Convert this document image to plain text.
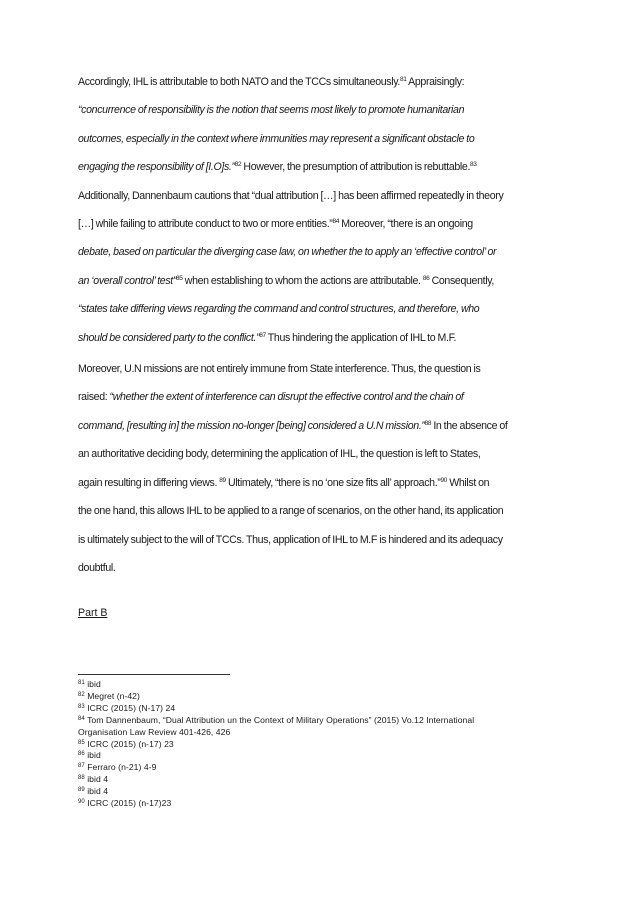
Accordingly, IHL is attributable to both NATO and the TCCs simultaneously.$^{81}$ Appraisingly:

“concurrence of responsibility is the notion that seems most likely to promote humanitarian

outcomes, especially in the context where immunities may represent a significant obstacle to

engaging the responsibility of [I.O]s.”$^{82}$ However, the presumption of attribution is rebuttable.$^{83}$

Additionally, Dannenbaum cautions that “dual attribution […] has been affirmed repeatedly in theory

[…] while failing to attribute conduct to two or more entities.”$^{84}$ Moreover, “there is an ongoing

debate, based on particular the diverging case law, on whether the to apply an ‘effective control’ or

an ‘overall control’ test”$^{85}$ when establishing to whom the actions are attributable. $^{86}$ Consequently,

“states take differing views regarding the command and control structures, and therefore, who

should be considered party to the conflict.”$^{87}$ Thus hindering the application of IHL to M.F.

Moreover, U.N missions are not entirely immune from State interference. Thus, the question is

raised: “whether the extent of interference can disrupt the effective control and the chain of

command, [resulting in] the mission no-longer [being] considered a U.N mission.”$^{88}$ In the absence of

an authoritative deciding body, determining the application of IHL, the question is left to States,

again resulting in differing views. $^{89}$ Ultimately, “there is no ‘one size fits all’ approach.”$^{90}$ Whilst on

the one hand, this allows IHL to be applied to a range of scenarios, on the other hand, its application

is ultimately subject to the will of TCCs. Thus, application of IHL to M.F is hindered and its adequacy

doubtful.

Part B

$^{81}$ ibid

$^{82}$ Megret (n-42)

$^{83}$ ICRC (2015) (N-17) 24

$^{84}$ Tom Dannenbaum, “Dual Attribution un the Context of Military Operations” (2015) Vo.12 International

Organisation Law Review 401-426, 426

$^{85}$ ICRC (2015) (n-17) 23

$^{86}$ ibid

$^{87}$ Ferraro (n-21) 4-9

$^{88}$ ibid 4

$^{89}$ ibid 4

$^{90}$ ICRC (2015) (n-17)23
